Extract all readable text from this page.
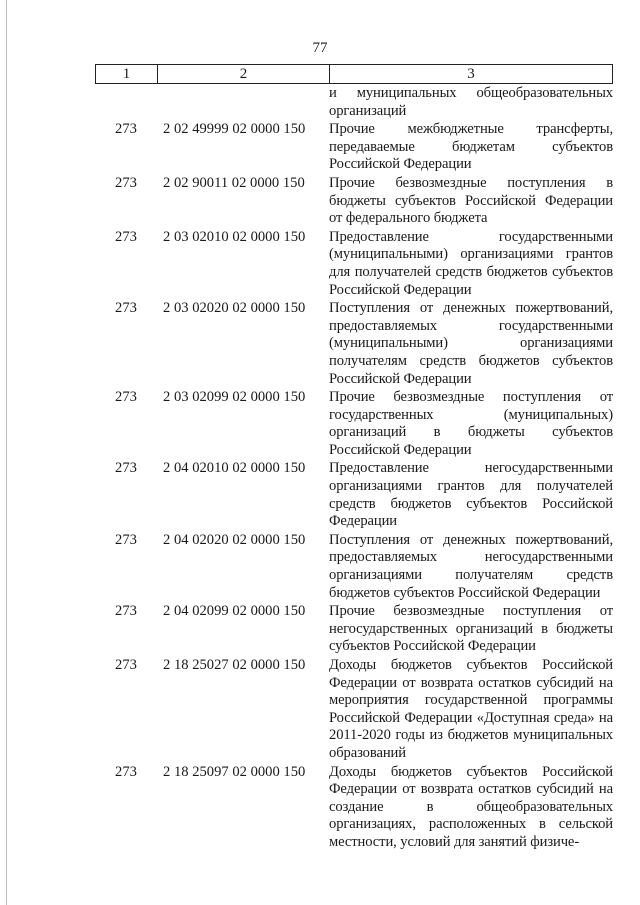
77
1	2	3
и муниципальных общеобразовательных организаций
273	2 02 49999 02 0000 150	Прочие межбюджетные трансферты, передаваемые бюджетам субъектов Российской Федерации
273	2 02 90011 02 0000 150	Прочие безвозмездные поступления в бюджеты субъектов Российской Федерации от федерального бюджета
273	2 03 02010 02 0000 150	Предоставление государственными (муниципальными) организациями грантов для получателей средств бюджетов субъектов Российской Федерации
273	2 03 02020 02 0000 150	Поступления от денежных пожертвований, предоставляемых государственными (муниципальными) организациями получателям средств бюджетов субъектов Российской Федерации
273	2 03 02099 02 0000 150	Прочие безвозмездные поступления от государственных (муниципальных) организаций в бюджеты субъектов Российской Федерации
273	2 04 02010 02 0000 150	Предоставление негосударственными организациями грантов для получателей средств бюджетов субъектов Российской Федерации
273	2 04 02020 02 0000 150	Поступления от денежных пожертвований, предоставляемых негосударственными организациями получателям средств бюджетов субъектов Российской Федерации
273	2 04 02099 02 0000 150	Прочие безвозмездные поступления от негосударственных организаций в бюджеты субъектов Российской Федерации
273	2 18 25027 02 0000 150	Доходы бюджетов субъектов Российской Федерации от возврата остатков субсидий на мероприятия государственной программы Российской Федерации «Доступная среда» на 2011-2020 годы из бюджетов муниципальных образований
273	2 18 25097 02 0000 150	Доходы бюджетов субъектов Российской Федерации от возврата остатков субсидий на создание в общеобразовательных организациях, расположенных в сельской местности, условий для занятий физиче-
